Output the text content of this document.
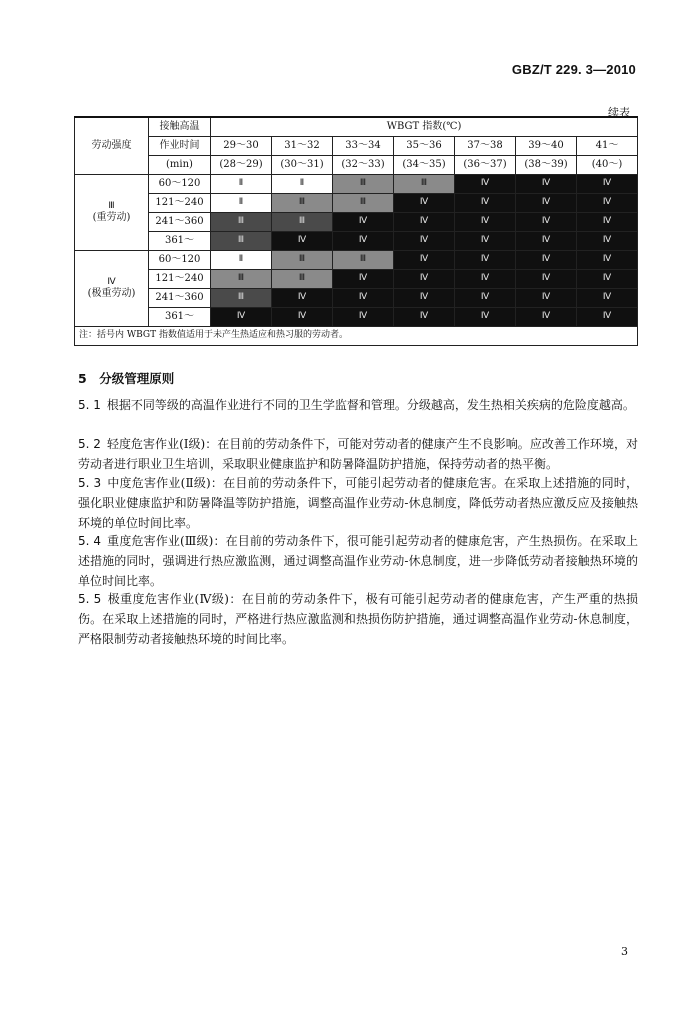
GBZ/T 229. 3—2010
续表
劳动强度	接触高温	WBGT 指数(℃)						
	作业时间	29～30	31～32	33～34	35～36	37～38	39～40	41～
	(min)	(28～29)	(30～31)	(32～33)	(34～35)	(36～37)	(38～39)	(40～)

Ⅲ
(重劳动)	60～120	Ⅱ	Ⅱ	Ⅲ	Ⅲ	Ⅳ	Ⅳ	Ⅳ
	121～240	Ⅱ	Ⅲ	Ⅲ	Ⅳ	Ⅳ	Ⅳ	Ⅳ
	241～360	Ⅲ	Ⅲ	Ⅳ	Ⅳ	Ⅳ	Ⅳ	Ⅳ
	361～	Ⅲ	Ⅳ	Ⅳ	Ⅳ	Ⅳ	Ⅳ	Ⅳ

Ⅳ
(极重劳动)	60～120	Ⅱ	Ⅲ	Ⅲ	Ⅳ	Ⅳ	Ⅳ	Ⅳ
	121～240	Ⅲ	Ⅲ	Ⅳ	Ⅳ	Ⅳ	Ⅳ	Ⅳ
	241～360	Ⅲ	Ⅳ	Ⅳ	Ⅳ	Ⅳ	Ⅳ	Ⅳ
	361～	Ⅳ	Ⅳ	Ⅳ	Ⅳ	Ⅳ	Ⅳ	Ⅳ
注：括号内 WBGT 指数值适用于未产生热适应和热习服的劳动者。								
5　分级管理原则

5. 1 根据不同等级的高温作业进行不同的卫生学监督和管理。分级越高，发生热相关疾病的危险度越高。

5. 2 轻度危害作业(Ⅰ级)：在目前的劳动条件下，可能对劳动者的健康产生不良影响。应改善工作环境，对劳动者进行职业卫生培训，采取职业健康监护和防暑降温防护措施，保持劳动者的热平衡。

5. 3 中度危害作业(Ⅱ级)：在目前的劳动条件下，可能引起劳动者的健康危害。在采取上述措施的同时，强化职业健康监护和防暑降温等防护措施，调整高温作业劳动-休息制度，降低劳动者热应激反应及接触热环境的单位时间比率。

5. 4 重度危害作业(Ⅲ级)：在目前的劳动条件下，很可能引起劳动者的健康危害，产生热损伤。在采取上述措施的同时，强调进行热应激监测，通过调整高温作业劳动-休息制度，进一步降低劳动者接触热环境的单位时间比率。

5. 5 极重度危害作业(Ⅳ级)：在目前的劳动条件下，极有可能引起劳动者的健康危害，产生严重的热损伤。在采取上述措施的同时，严格进行热应激监测和热损伤防护措施，通过调整高温作业劳动-休息制度，严格限制劳动者接触热环境的时间比率。

3
